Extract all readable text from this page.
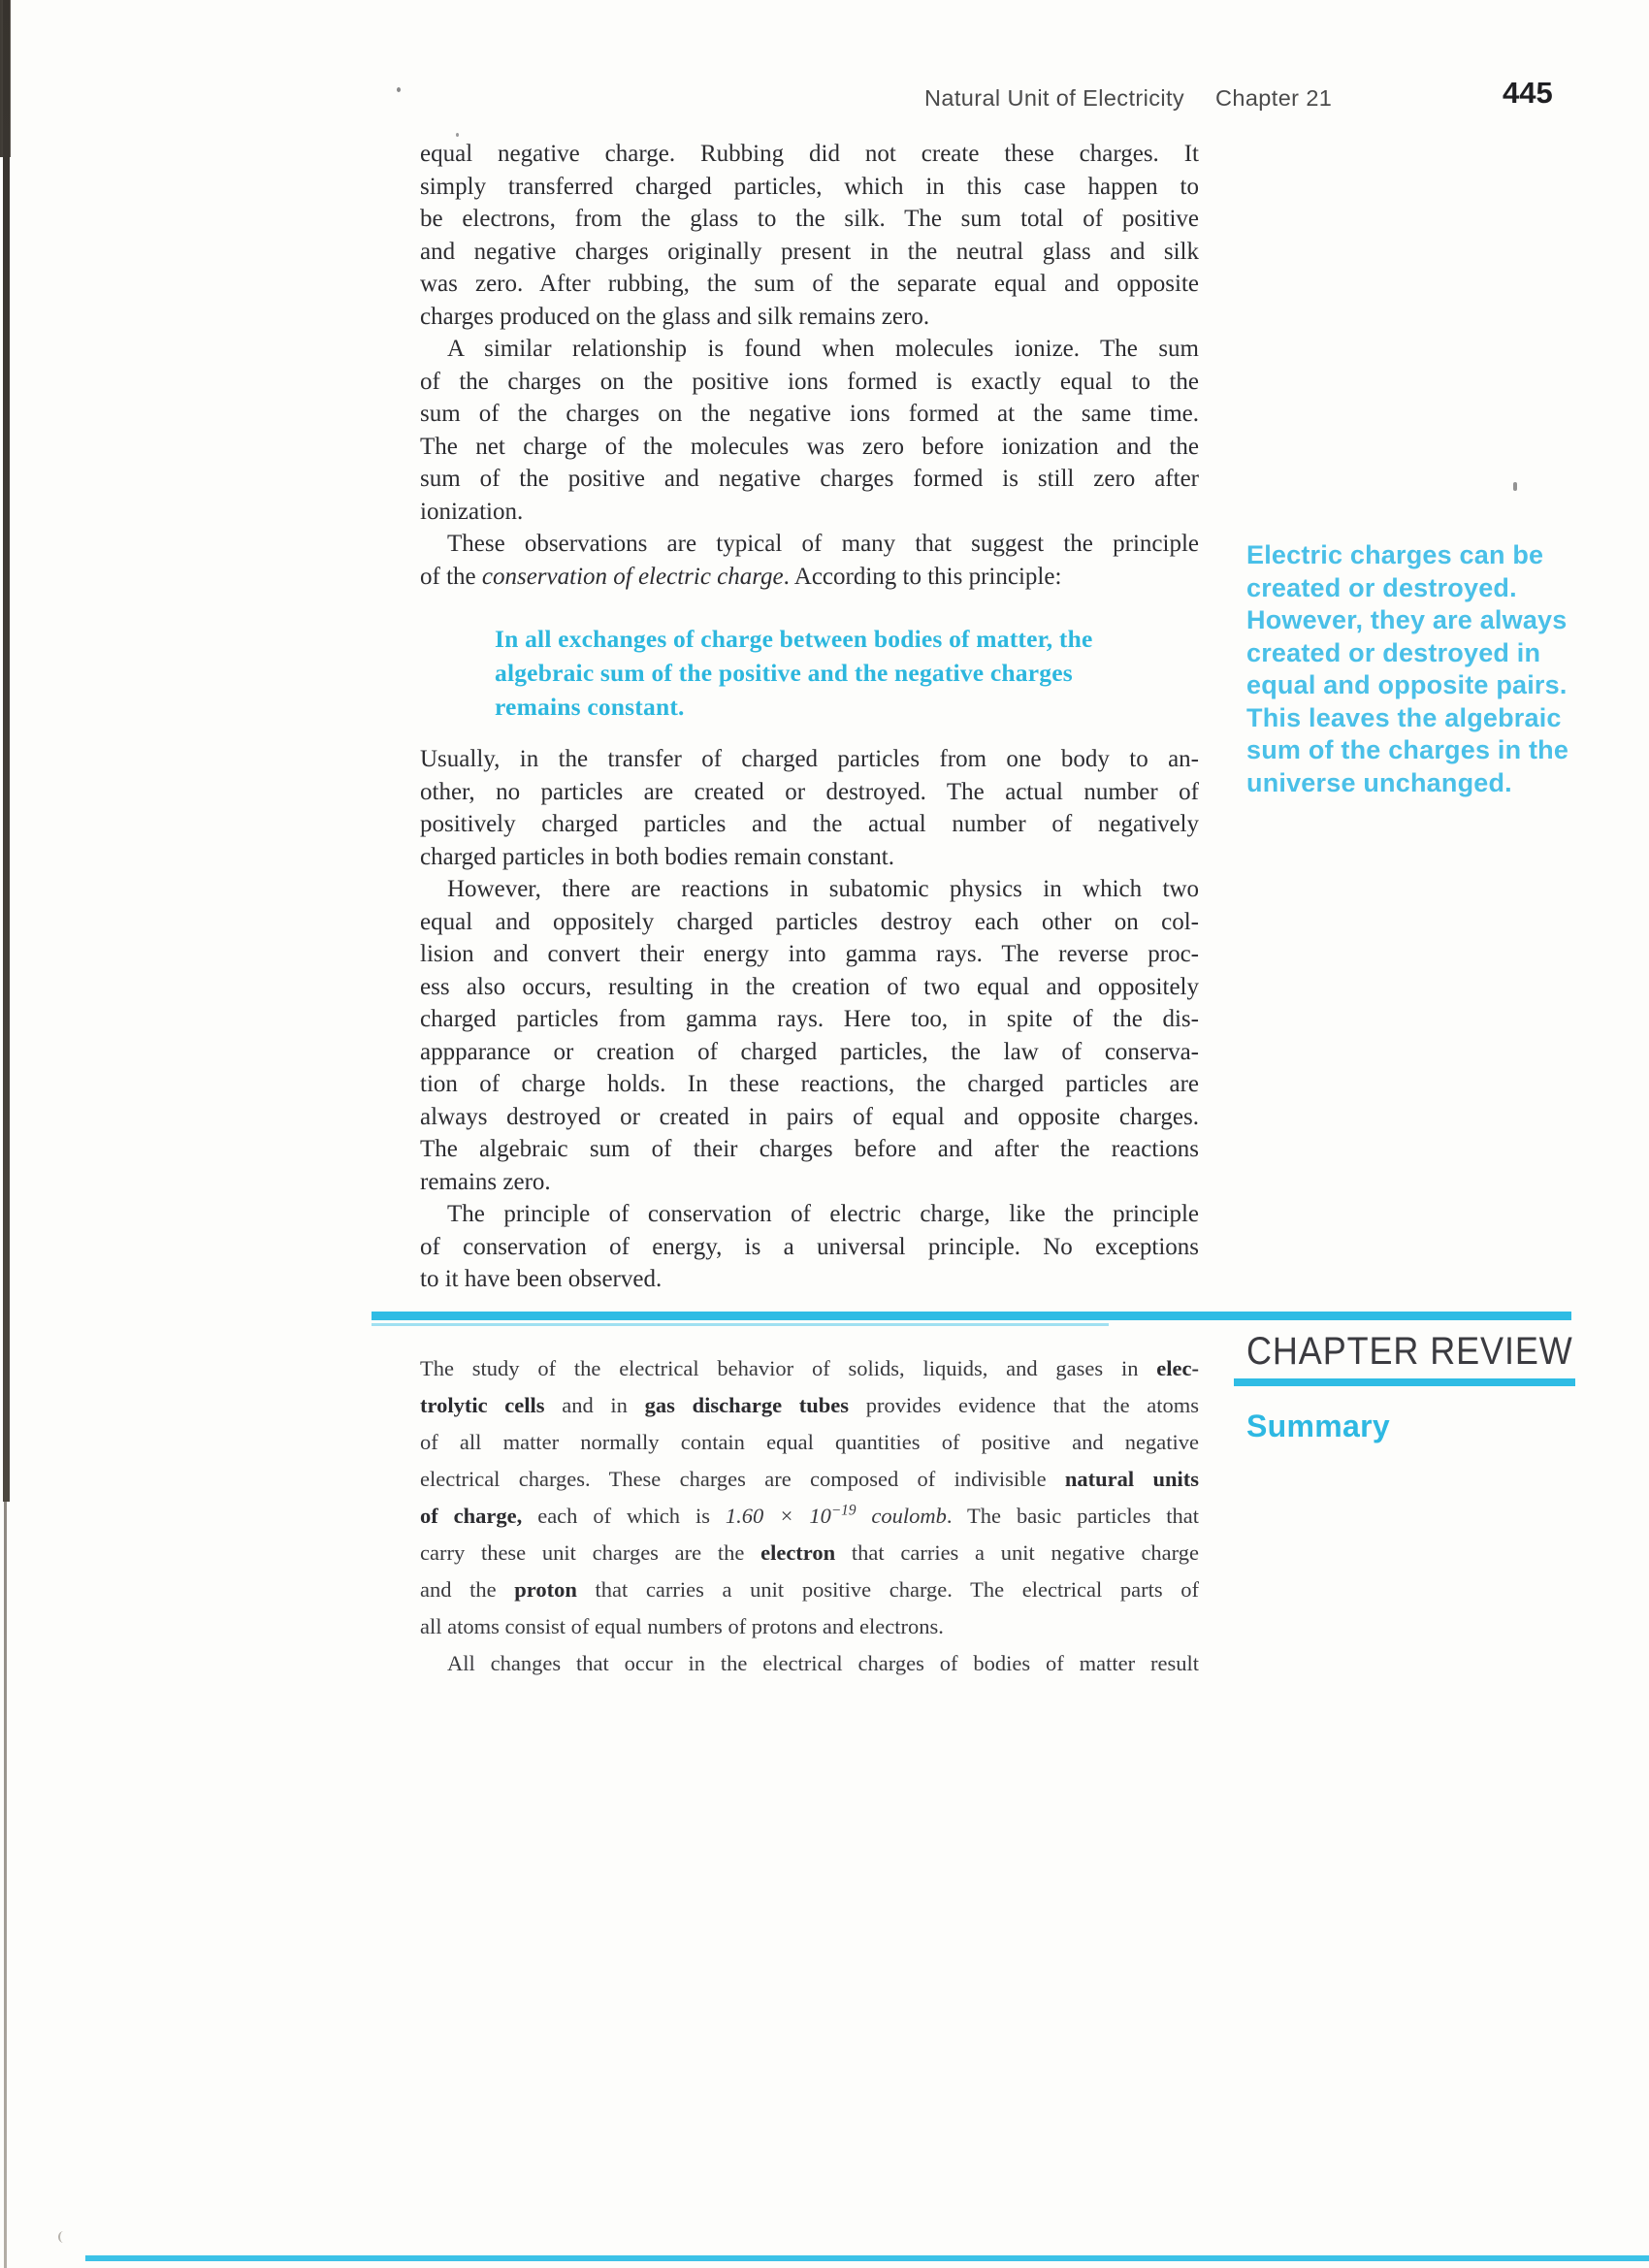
Natural Unit of Electricity Chapter 21	445
equal negative charge. Rubbing did not create these charges. It
simply transferred charged particles, which in this case happen to
be electrons, from the glass to the silk. The sum total of positive
and negative charges originally present in the neutral glass and silk
was zero. After rubbing, the sum of the separate equal and opposite
charges produced on the glass and silk remains zero.
A similar relationship is found when molecules ionize. The sum
of the charges on the positive ions formed is exactly equal to the
sum of the charges on the negative ions formed at the same time.
The net charge of the molecules was zero before ionization and the
sum of the positive and negative charges formed is still zero after
ionization.
These observations are typical of many that suggest the principle
of the conservation of electric charge. According to this principle:
In all exchanges of charge between bodies of matter, the
algebraic sum of the positive and the negative charges
remains constant.
Usually, in the transfer of charged particles from one body to an-
other, no particles are created or destroyed. The actual number of
positively charged particles and the actual number of negatively
charged particles in both bodies remain constant.
However, there are reactions in subatomic physics in which two
equal and oppositely charged particles destroy each other on col-
lision and convert their energy into gamma rays. The reverse proc-
ess also occurs, resulting in the creation of two equal and oppositely
charged particles from gamma rays. Here too, in spite of the dis-
appparance or creation of charged particles, the law of conserva-
tion of charge holds. In these reactions, the charged particles are
always destroyed or created in pairs of equal and opposite charges.
The algebraic sum of their charges before and after the reactions
remains zero.
The principle of conservation of electric charge, like the principle
of conservation of energy, is a universal principle. No exceptions
to it have been observed.
Electric charges can be
created or destroyed.
However, they are always
created or destroyed in
equal and opposite pairs.
This leaves the algebraic
sum of the charges in the
universe unchanged.
CHAPTER REVIEW
Summary
The study of the electrical behavior of solids, liquids, and gases in elec-
trolytic cells and in gas discharge tubes provides evidence that the atoms
of all matter normally contain equal quantities of positive and negative
electrical charges. These charges are composed of indivisible natural units
of charge, each of which is $1.60 \times 10^{-19}$ coulomb. The basic particles that
carry these unit charges are the electron that carries a unit negative charge
and the proton that carries a unit positive charge. The electrical parts of
all atoms consist of equal numbers of protons and electrons.
All changes that occur in the electrical charges of bodies of matter result
